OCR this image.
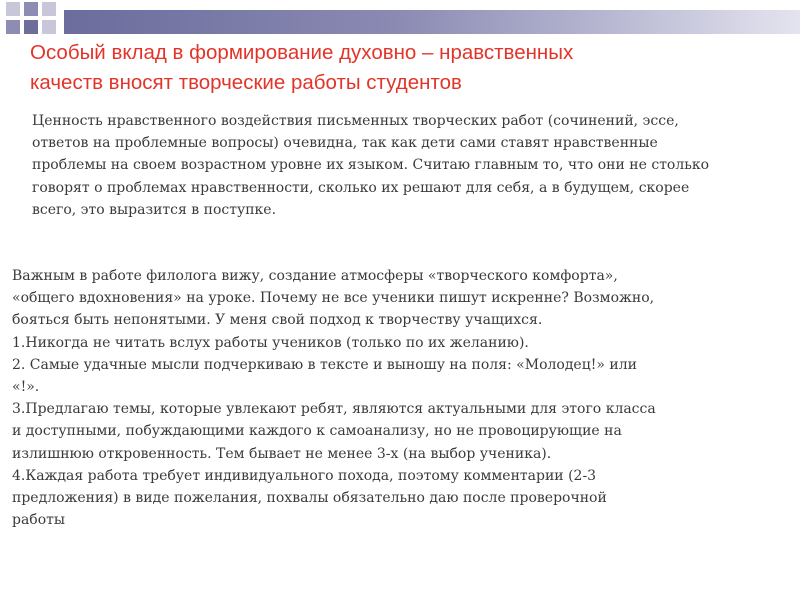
Особый вклад в формирование духовно – нравственных
качеств вносят творческие работы студентов

Ценность нравственного воздействия письменных творческих работ (сочинений, эссе, ответов на проблемные вопросы) очевидна, так как дети сами ставят нравственные проблемы на своем возрастном уровне их языком. Считаю главным то, что они не столько говорят о проблемах нравственности, сколько их решают для себя, а в будущем, скорее всего, это выразится в поступке.

Важным в работе филолога вижу, создание атмосферы «творческого комфорта»,
«общего вдохновения» на уроке. Почему не все ученики пишут искренне? Возможно,
бояться быть непонятыми. У меня свой подход к творчеству учащихся.
1.Никогда не читать вслух работы учеников (только по их желанию).
2. Самые удачные мысли подчеркиваю в тексте и выношу на поля: «Молодец!» или
«!».
3.Предлагаю темы, которые увлекают ребят, являются актуальными для этого класса
и доступными, побуждающими каждого к самоанализу, но не провоцирующие на
излишнюю откровенность. Тем бывает не менее 3-х (на выбор ученика).
4.Каждая работа требует индивидуального похода, поэтому комментарии (2-3
предложения) в виде пожелания, похвалы обязательно даю после проверочной
работы
